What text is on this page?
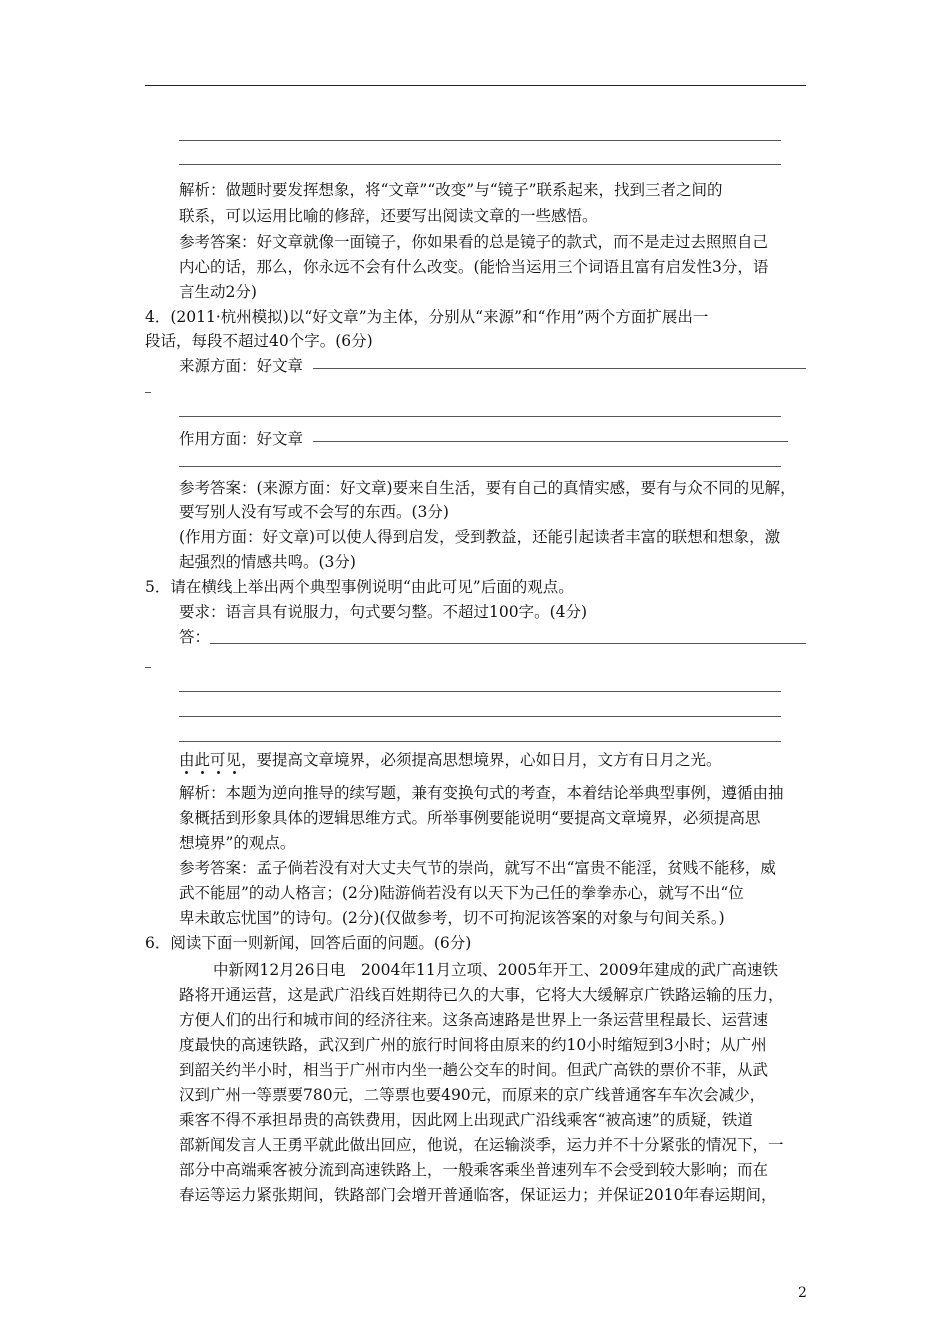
解析：做题时要发挥想象，将“文章”“改变”与“镜子”联系起来，找到三者之间的
联系，可以运用比喻的修辞，还要写出阅读文章的一些感悟。
参考答案：好文章就像一面镜子，你如果看的总是镜子的款式，而不是走过去照照自己
内心的话，那么，你永远不会有什么改变。(能恰当运用三个词语且富有启发性3分，语
言生动2分)
4．(2011·杭州模拟)以“好文章”为主体，分别从“来源”和“作用”两个方面扩展出一
段话，每段不超过40个字。(6分)
来源方面：好文章
作用方面：好文章
参考答案：(来源方面：好文章)要来自生活，要有自己的真情实感，要有与众不同的见解，
要写别人没有写或不会写的东西。(3分)
(作用方面：好文章)可以使人得到启发，受到教益，还能引起读者丰富的联想和想象，激
起强烈的情感共鸣。(3分)
5．请在横线上举出两个典型事例说明“由此可见”后面的观点。
要求：语言具有说服力，句式要匀整。不超过100字。(4分)
答：
由此可见，要提高文章境界，必须提高思想境界，心如日月，文方有日月之光。
解析：本题为逆向推导的续写题，兼有变换句式的考查，本着结论举典型事例，遵循由抽
象概括到形象具体的逻辑思维方式。所举事例要能说明“要提高文章境界，必须提高思
想境界”的观点。
参考答案：孟子倘若没有对大丈夫气节的崇尚，就写不出“富贵不能淫，贫贱不能移，威
武不能屈”的动人格言；(2分)陆游倘若没有以天下为己任的拳拳赤心，就写不出“位
卑未敢忘忧国”的诗句。(2分)(仅做参考，切不可拘泥该答案的对象与句间关系。)
6．阅读下面一则新闻，回答后面的问题。(6分)
中新网12月26日电　2004年11月立项、2005年开工、2009年建成的武广高速铁
路将开通运营，这是武广沿线百姓期待已久的大事，它将大大缓解京广铁路运输的压力，
方便人们的出行和城市间的经济往来。这条高速路是世界上一条运营里程最长、运营速
度最快的高速铁路，武汉到广州的旅行时间将由原来的约10小时缩短到3小时；从广州
到韶关约半小时，相当于广州市内坐一趟公交车的时间。但武广高铁的票价不菲，从武
汉到广州一等票要780元，二等票也要490元，而原来的京广线普通客车车次会减少，
乘客不得不承担昂贵的高铁费用，因此网上出现武广沿线乘客“被高速”的质疑，铁道
部新闻发言人王勇平就此做出回应，他说，在运输淡季，运力并不十分紧张的情况下，一
部分中高端乘客被分流到高速铁路上，一般乘客乘坐普速列车不会受到较大影响；而在
春运等运力紧张期间，铁路部门会增开普通临客，保证运力；并保证2010年春运期间，
2
